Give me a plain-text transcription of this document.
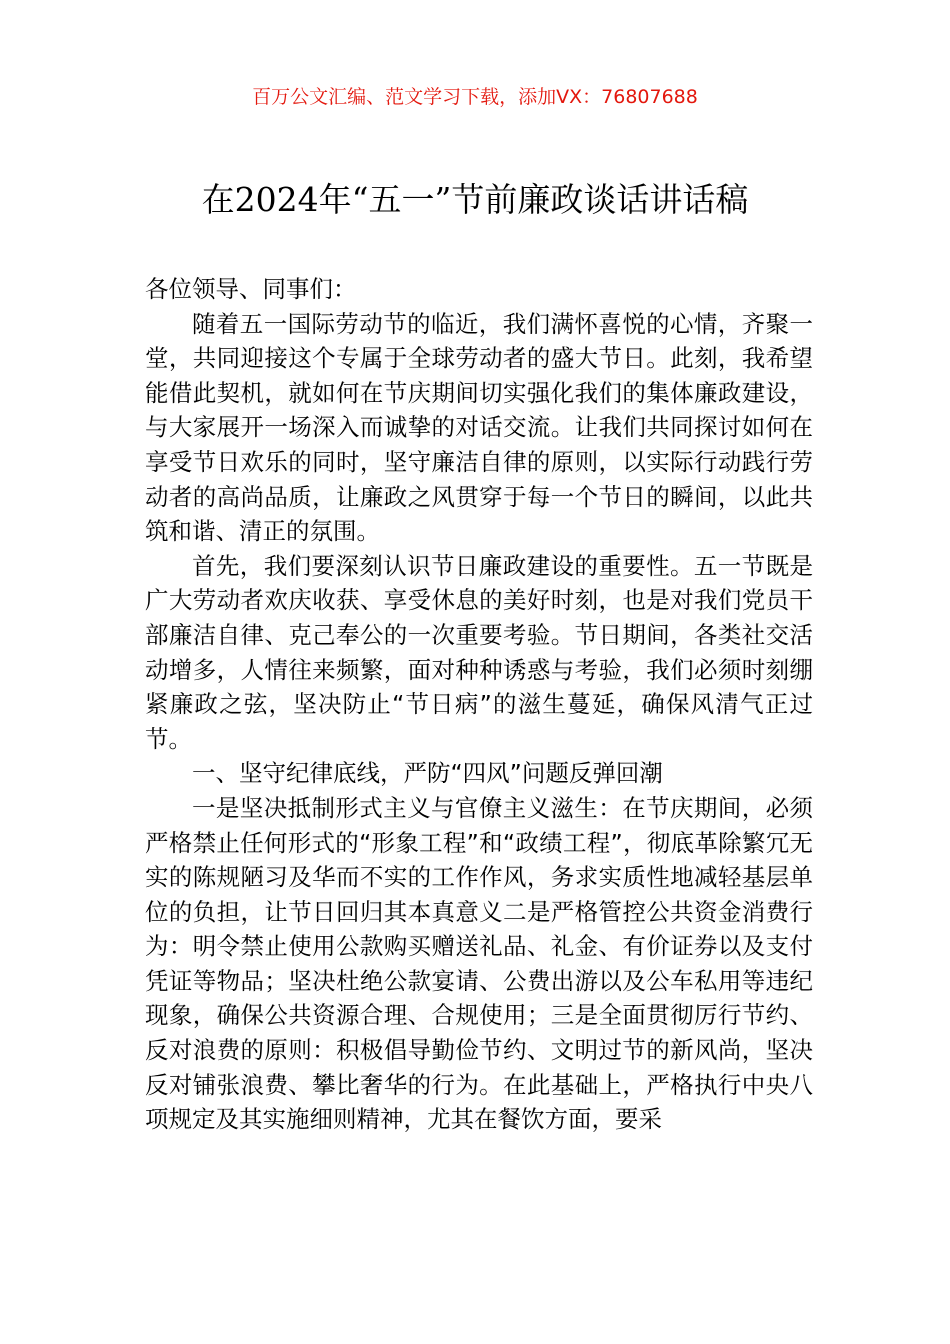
百万公文汇编、范文学习下载，添加VX：76807688
在2024年“五一”节前廉政谈话讲话稿

各位领导、同事们：

随着五一国际劳动节的临近，我们满怀喜悦的心情，齐聚一堂，共同迎接这个专属于全球劳动者的盛大节日。此刻，我希望能借此契机，就如何在节庆期间切实强化我们的集体廉政建设，与大家展开一场深入而诚挚的对话交流。让我们共同探讨如何在享受节日欢乐的同时，坚守廉洁自律的原则，以实际行动践行劳动者的高尚品质，让廉政之风贯穿于每一个节日的瞬间，以此共筑和谐、清正的氛围。

首先，我们要深刻认识节日廉政建设的重要性。五一节既是广大劳动者欢庆收获、享受休息的美好时刻，也是对我们党员干部廉洁自律、克己奉公的一次重要考验。节日期间，各类社交活动增多，人情往来频繁，面对种种诱惑与考验，我们必须时刻绷紧廉政之弦，坚决防止“节日病”的滋生蔓延，确保风清气正过节。

一、坚守纪律底线，严防“四风”问题反弹回潮

一是坚决抵制形式主义与官僚主义滋生：在节庆期间，必须严格禁止任何形式的“形象工程”和“政绩工程”，彻底革除繁冗无实的陈规陋习及华而不实的工作作风，务求实质性地减轻基层单位的负担，让节日回归其本真意义二是严格管控公共资金消费行为：明令禁止使用公款购买赠送礼品、礼金、有价证券以及支付凭证等物品；坚决杜绝公款宴请、公费出游以及公车私用等违纪现象，确保公共资源合理、合规使用；三是全面贯彻厉行节约、反对浪费的原则：积极倡导勤俭节约、文明过节的新风尚，坚决反对铺张浪费、攀比奢华的行为。在此基础上，严格执行中央八项规定及其实施细则精神，尤其在餐饮方面，要采
